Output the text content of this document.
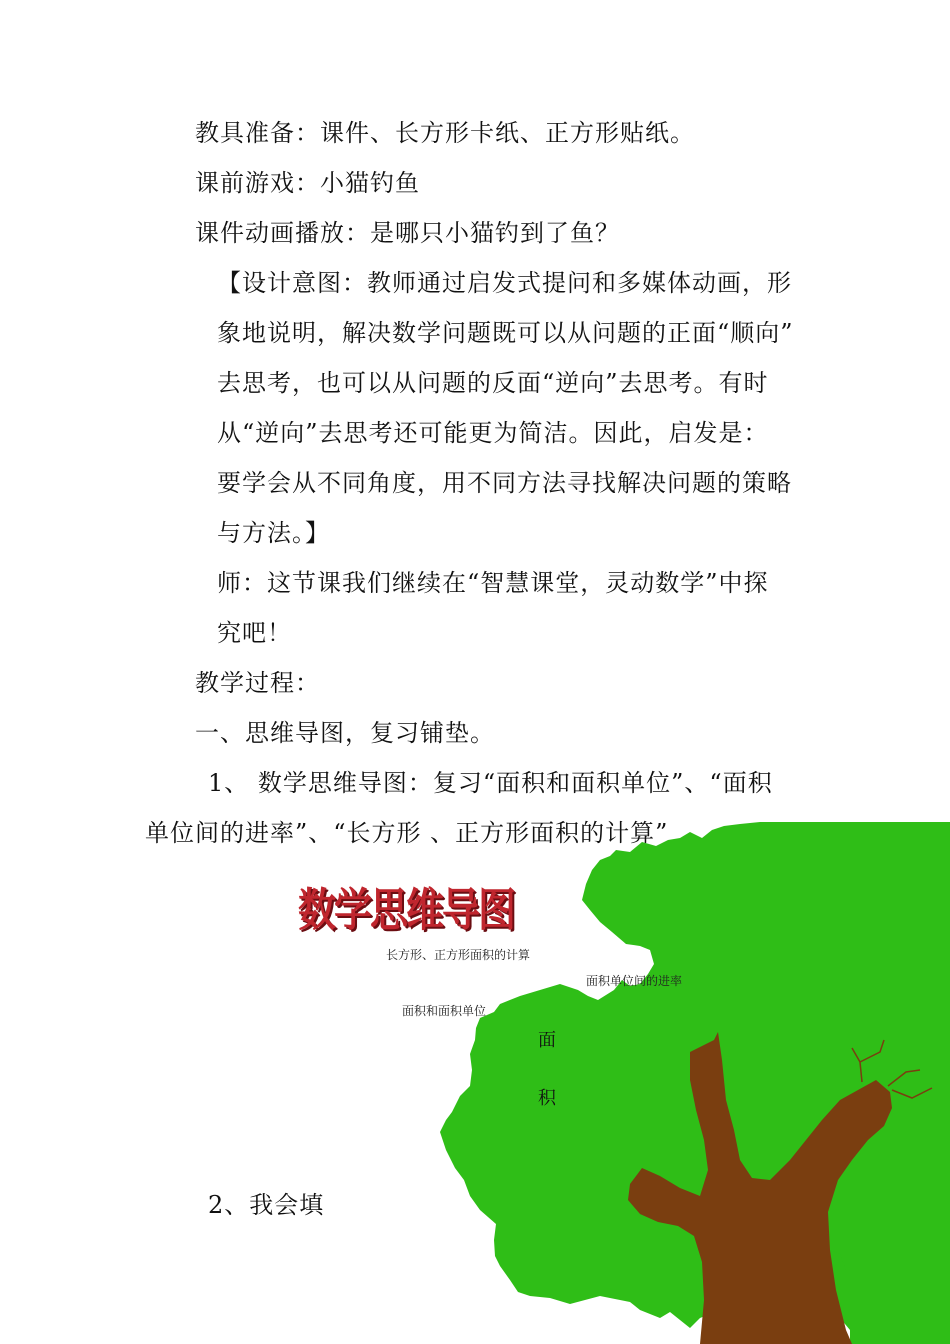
教具准备：课件、长方形卡纸、正方形贴纸。
课前游戏：小猫钓鱼
课件动画播放：是哪只小猫钓到了鱼？
【设计意图：教师通过启发式提问和多媒体动画，形
象地说明，解决数学问题既可以从问题的正面“顺向”
去思考，也可以从问题的反面“逆向”去思考。有时
从“逆向”去思考还可能更为简洁。因此，启发是：
要学会从不同角度，用不同方法寻找解决问题的策略
与方法。】
师：这节课我们继续在“智慧课堂，灵动数学”中探
究吧！
教学过程：
一、思维导图，复习铺垫。
1、 数学思维导图：复习“面积和面积单位”、“面积
单位间的进率”、“长方形 、正方形面积的计算”
数学思维导图
长方形、正方形面积的计算
面积单位间的进率
面积和面积单位
面
积
2、我会填
